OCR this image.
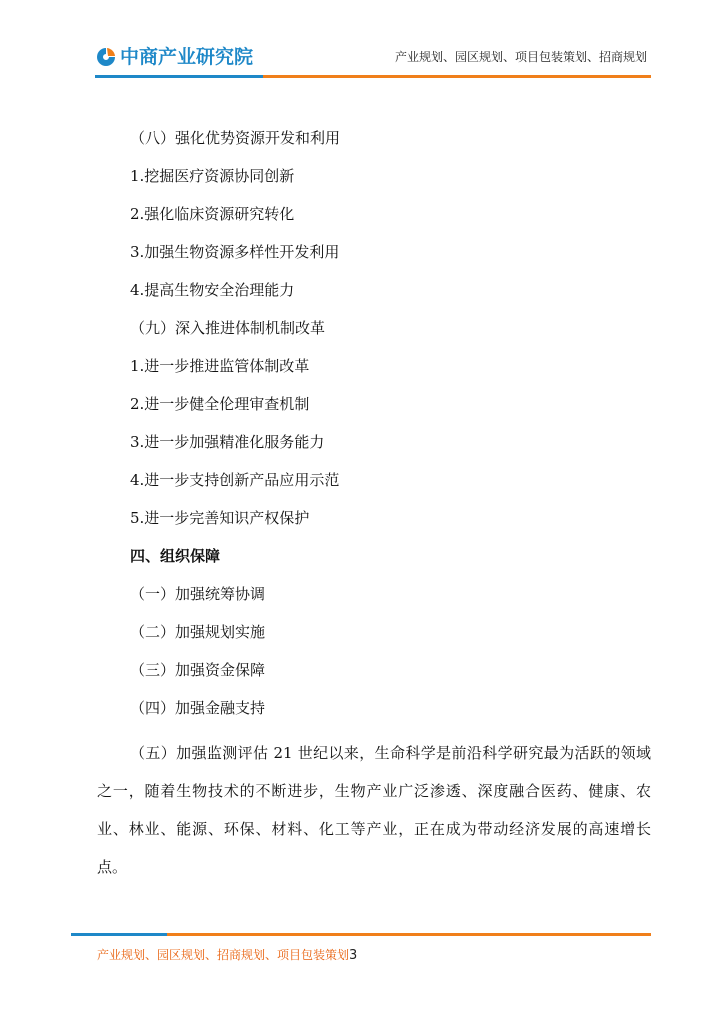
中商产业研究院	产业规划、园区规划、项目包装策划、招商规划
（八）强化优势资源开发和利用
1.挖掘医疗资源协同创新
2.强化临床资源研究转化
3.加强生物资源多样性开发利用
4.提高生物安全治理能力
（九）深入推进体制机制改革
1.进一步推进监管体制改革
2.进一步健全伦理审查机制
3.进一步加强精准化服务能力
4.进一步支持创新产品应用示范
5.进一步完善知识产权保护
四、组织保障
（一）加强统筹协调
（二）加强规划实施
（三）加强资金保障
（四）加强金融支持
（五）加强监测评估 21 世纪以来，生命科学是前沿科学研究最为活跃的领域之一，随着生物技术的不断进步，生物产业广泛渗透、深度融合医药、健康、农业、林业、能源、环保、材料、化工等产业，正在成为带动经济发展的高速增长点。
产业规划、园区规划、招商规划、项目包装策划3
